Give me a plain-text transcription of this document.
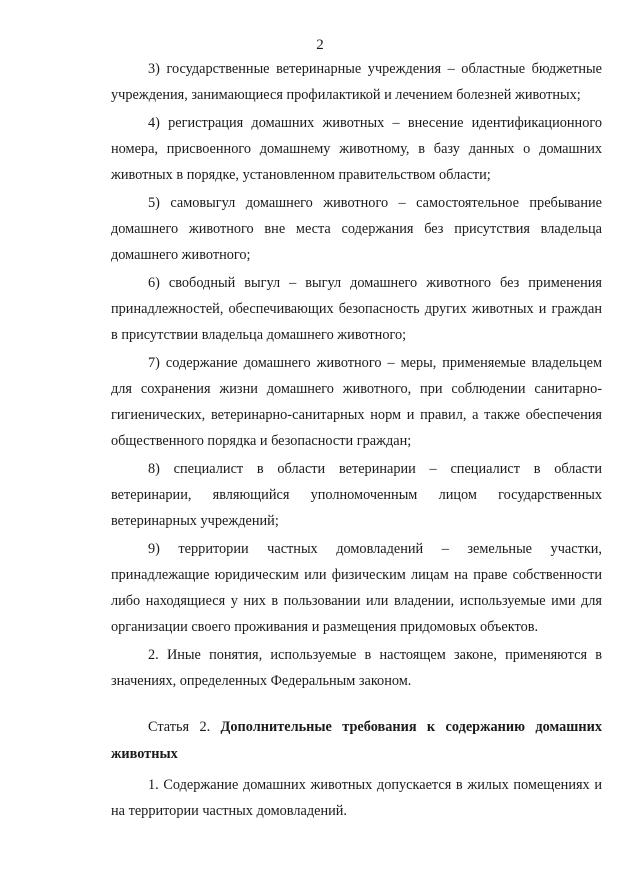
2

3) государственные ветеринарные учреждения – областные бюджетные учреждения, занимающиеся профилактикой и лечением болезней животных;

4) регистрация домашних животных – внесение идентификационного номера, присвоенного домашнему животному, в базу данных о домашних животных в порядке, установленном правительством области;

5) самовыгул домашнего животного – самостоятельное пребывание домашнего животного вне места содержания без присутствия владельца домашнего животного;

6) свободный выгул – выгул домашнего животного без применения принадлежностей, обеспечивающих безопасность других животных и граждан в присутствии владельца домашнего животного;

7) содержание домашнего животного – меры, применяемые владельцем для сохранения жизни домашнего животного, при соблюдении санитарно-гигиенических, ветеринарно-санитарных норм и правил, а также обеспечения общественного порядка и безопасности граждан;

8) специалист в области ветеринарии – специалист в области ветеринарии, являющийся уполномоченным лицом государственных ветеринарных учреждений;

9) территории частных домовладений – земельные участки, принадлежащие юридическим или физическим лицам на праве собственности либо находящиеся у них в пользовании или владении, используемые ими для организации своего проживания и размещения придомовых объектов.

2. Иные понятия, используемые в настоящем законе, применяются в значениях, определенных Федеральным законом.

Статья 2. Дополнительные требования к содержанию домашних животных

1. Содержание домашних животных допускается в жилых помещениях и на территории частных домовладений.
